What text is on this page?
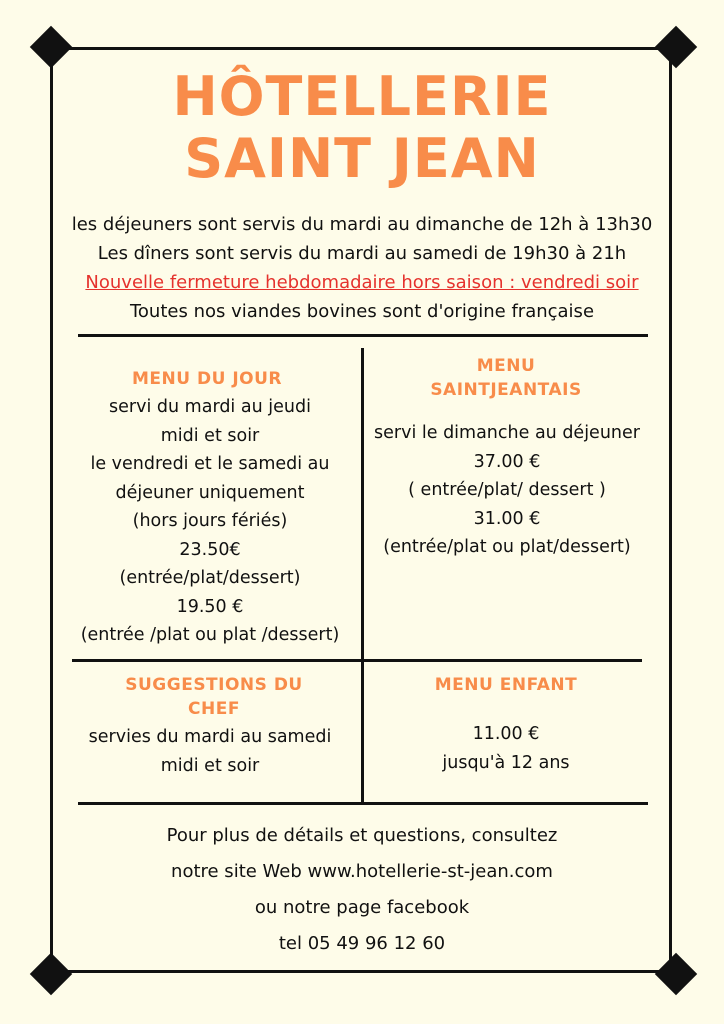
HÔTELLERIE
SAINT JEAN
les déjeuners sont servis du mardi au dimanche de 12h à 13h30
Les dîners sont servis du mardi au samedi de 19h30 à 21h
Nouvelle fermeture hebdomadaire hors saison : vendredi soir
Toutes nos viandes bovines sont d'origine française
MENU DU JOUR
servi du mardi au jeudi
midi et soir
le vendredi et le samedi au
déjeuner uniquement
(hors jours fériés)
23.50€
(entrée/plat/dessert)
19.50 €
(entrée /plat ou plat /dessert)
MENU
SAINTJEANTAIS
servi le dimanche au déjeuner
37.00 €
( entrée/plat/ dessert )
31.00 €
(entrée/plat ou plat/dessert)
SUGGESTIONS DU
CHEF
servies du mardi au samedi
midi et soir
MENU ENFANT
11.00 €
jusqu'à 12 ans
Pour plus de détails et questions, consultez
notre site Web www.hotellerie-st-jean.com
ou notre page facebook
tel 05 49 96 12 60
